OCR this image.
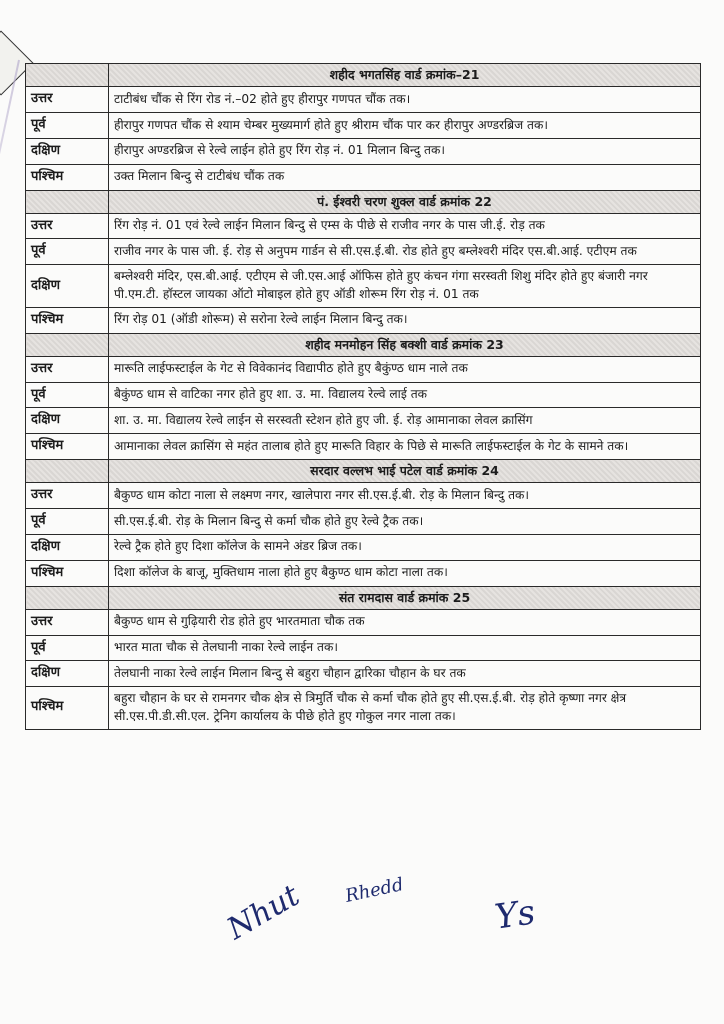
	शहीद भगतसिंह वार्ड क्रमांक–21
उत्तर	टाटीबंध चौंक से रिंग रोड नं.–02 होते हुए हीरापुर गणपत चौंक तक।
पूर्व	हीरापुर गणपत चौंक से श्याम चेम्बर मुख्यमार्ग होते हुए श्रीराम चौंक पार कर हीरापुर अण्डरब्रिज तक।
दक्षिण	हीरापुर अण्डरब्रिज से रेल्वे लाईन होते हुए रिंग रोड़ नं. 01 मिलान बिन्दु तक।
पश्चिम	उक्त मिलान बिन्दु से टाटीबंध चौंक तक
	पं. ईश्वरी चरण शुक्ल वार्ड क्रमांक 22
उत्तर	रिंग रोड़ नं. 01 एवं रेल्वे लाईन मिलान बिन्दु से एम्स के पीछे से राजीव नगर के पास जी.ई. रोड़ तक
पूर्व	राजीव नगर के पास जी. ई. रोड़ से अनुपम गार्डन से सी.एस.ई.बी. रोड होते हुए बम्लेश्वरी मंदिर एस.बी.आई. एटीएम तक
दक्षिण	बम्लेश्वरी मंदिर, एस.बी.आई. एटीएम से जी.एस.आई ऑफिस होते हुए कंचन गंगा सरस्वती शिशु मंदिर होते हुए बंजारी नगर पी.एम.टी. हॉस्टल जायका ऑटो मोबाइल होते हुए ऑडी शोरूम रिंग रोड़ नं. 01 तक
पश्चिम	रिंग रोड़ 01 (ऑडी शोरूम) से सरोना रेल्वे लाईन मिलान बिन्दु तक।
	शहीद मनमोहन सिंह बक्शी वार्ड क्रमांक 23
उत्तर	मारूति लाईफस्टाईल के गेट से विवेकानंद विद्यापीठ होते हुए बैकुंण्ठ धाम नाले तक
पूर्व	बैकुंण्ठ धाम से वाटिका नगर होते हुए शा. उ. मा. विद्यालय रेल्वे लाई तक
दक्षिण	शा. उ. मा. विद्यालय रेल्वे लाईन से सरस्वती स्टेशन होते हुए जी. ई. रोड़ आमानाका लेवल क्रासिंग
पश्चिम	आमानाका लेवल क्रासिंग से महंत तालाब होते हुए मारूति विहार के पिछे से मारूति लाईफस्टाईल के गेट के सामने तक।
	सरदार वल्लभ भाई पटेल वार्ड क्रमांक 24
उत्तर	बैकुण्ठ धाम कोटा नाला से लक्ष्मण नगर, खालेपारा नगर सी.एस.ई.बी. रोड़ के मिलान बिन्दु तक।
पूर्व	सी.एस.ई.बी. रोड़ के मिलान बिन्दु से कर्मा चौक होते हुए रेल्वे ट्रैक तक।
दक्षिण	रेल्वे ट्रैक होते हुए दिशा कॉलेज के सामने अंडर ब्रिज तक।
पश्चिम	दिशा कॉलेज के बाजू, मुक्तिधाम नाला होते हुए बैकुण्ठ धाम कोटा नाला तक।
	संत रामदास वार्ड क्रमांक 25
उत्तर	बैकुण्ठ धाम से गुढ़ियारी रोड होते हुए भारतमाता चौक तक
पूर्व	भारत माता चौक से तेलघानी नाका रेल्वे लाईन तक।
दक्षिण	तेलघानी नाका रेल्वे लाईन मिलान बिन्दु से बहुरा चौहान द्वारिका चौहान के घर तक
पश्चिम	बहुरा चौहान के घर से रामनगर चौक क्षेत्र से त्रिमुर्ति चौक से कर्मा चौक होते हुए सी.एस.ई.बी. रोड़ होते कृष्णा नगर क्षेत्र सी.एस.पी.डी.सी.एल. ट्रेनिग कार्यालय के पीछे होते हुए गोकुल नगर नाला तक।
Nhut Rhedd
Ys
